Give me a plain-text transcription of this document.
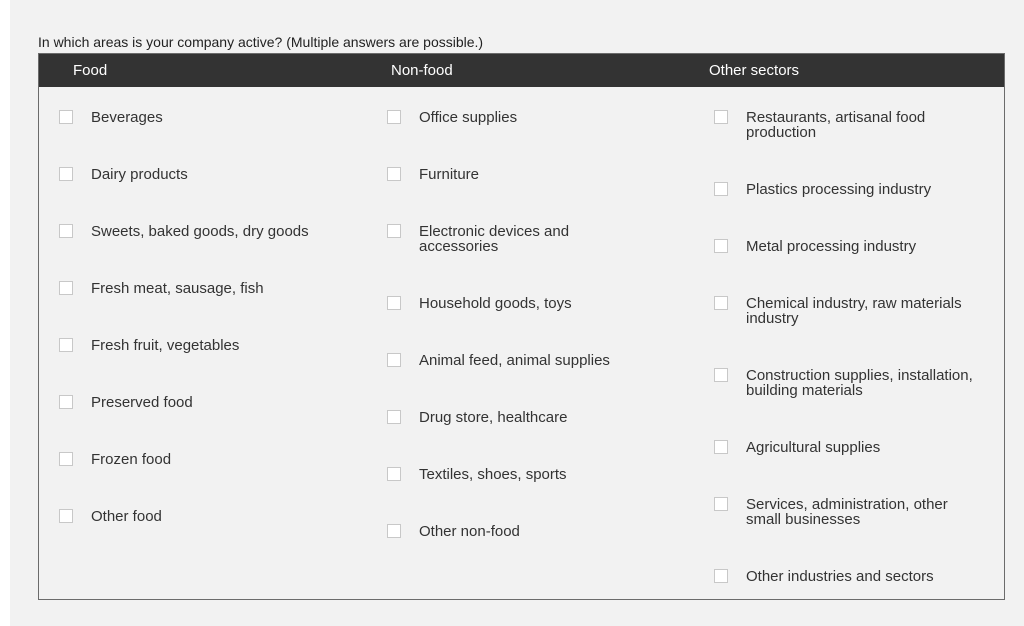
In which areas is your company active? (Multiple answers are possible.)
Food	Non-food	Other sectors
Beverages
Dairy products
Sweets, baked goods, dry goods
Fresh meat, sausage, fish
Fresh fruit, vegetables
Preserved food
Frozen food
Other food
Office supplies
Furniture
Electronic devices and accessories
Household goods, toys
Animal feed, animal supplies
Drug store, healthcare
Textiles, shoes, sports
Other non-food
Restaurants, artisanal food production
Plastics processing industry
Metal processing industry
Chemical industry, raw materials industry
Construction supplies, installation, building materials
Agricultural supplies
Services, administration, other small businesses
Other industries and sectors
